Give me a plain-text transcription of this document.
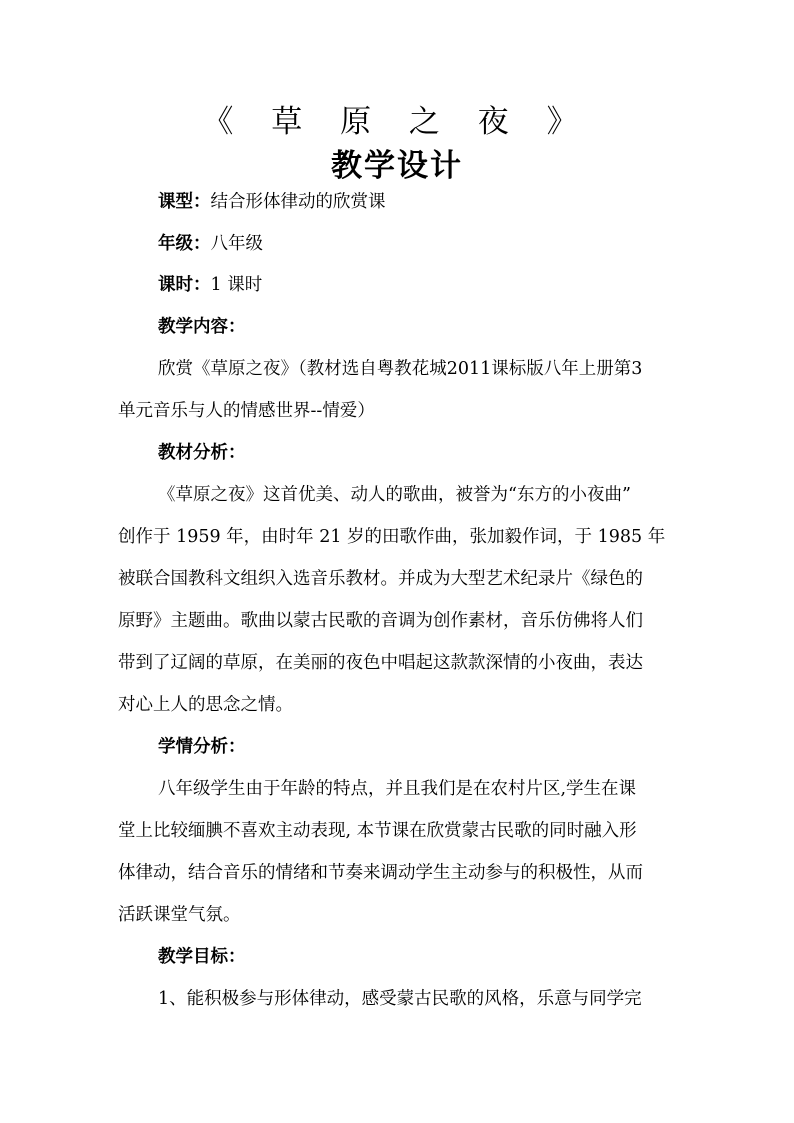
《 草 原 之 夜 》
教学设计
课型：结合形体律动的欣赏课
年级：八年级
课时：1 课时
教学内容：
欣赏《草原之夜》（教材选自粤教花城2011课标版八年上册第3
单元音乐与人的情感世界--情爱）
教材分析：
《草原之夜》这首优美、动人的歌曲，被誉为“东方的小夜曲”
创作于 1959 年，由时年 21 岁的田歌作曲，张加毅作词，于 1985 年
被联合国教科文组织入选音乐教材。并成为大型艺术纪录片《绿色的
原野》主题曲。歌曲以蒙古民歌的音调为创作素材，音乐仿佛将人们
带到了辽阔的草原，在美丽的夜色中唱起这款款深情的小夜曲，表达
对心上人的思念之情。
学情分析：
八年级学生由于年龄的特点，并且我们是在农村片区,学生在课
堂上比较缅腆不喜欢主动表现, 本节课在欣赏蒙古民歌的同时融入形
体律动，结合音乐的情绪和节奏来调动学生主动参与的积极性，从而
活跃课堂气氛。
教学目标：
1、能积极参与形体律动，感受蒙古民歌的风格，乐意与同学完
